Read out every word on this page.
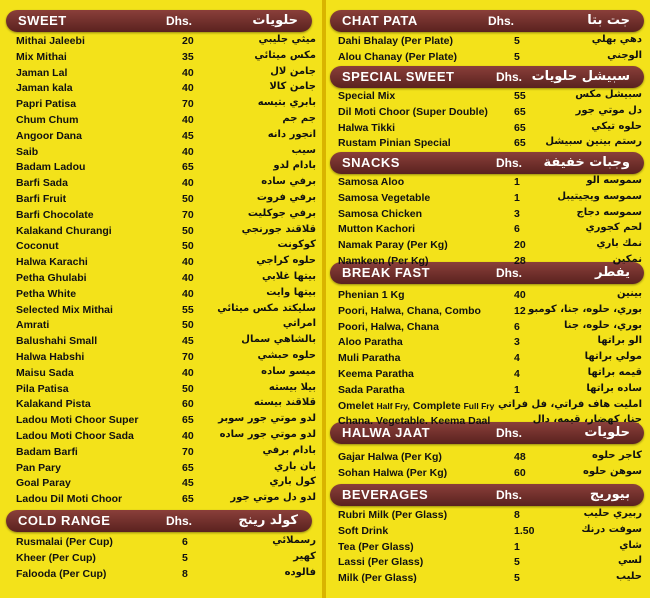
SWEET	Dhs.	حلويات
Mithai Jaleebi	20	ميثي جليبي
Mix Mithai	35	مكس ميثائي
Jaman Lal	40	جامن لال
Jaman kala	40	جامن كالا
Papri Patisa	70	بابري بتيسه
Chum Chum	40	جم جم
Angoor Dana	45	انجور دانه
Saib	40	سيب
Badam Ladou	65	بادام لدو
Barfi Sada	40	برفي ساده
Barfi Fruit	50	برفي فروت
Barfi Chocolate	70	برفي جوكليت
Kalakand Churangi	50	قلاقند جورنجي
Coconut	50	كوكونت
Halwa Karachi	40	حلوه كراجي
Petha Ghulabi	40	بيتها غلابي
Petha White	40	بيتها وايت
Selected Mix Mithai	55 سليكتد مكس ميثائي
Amrati	50	امراتي
Balushahi Small	45	بالشاهي سمال
Halwa Habshi	70	حلوه حبشي
Maisu Sada	40	ميسو ساده
Pila Patisa	50	بيلا بيسته
Kalakand Pista	60	قلاقند بيسته
Ladou Moti Choor Super	65 لدو موتي جور سوبر
Ladou Moti Choor Sada	40	لدو موتي جور ساده
Badam Barfi	70	بادام برفي
Pan Pary	65	بان باري
Goal Paray	45	كول باري
Ladou Dil Moti Choor	65	لدو دل موتي جور
COLD RANGE	Dhs.	كولد رينج
Rusmalai (Per Cup)	6	رسملائي
Kheer (Per Cup)	5	كهير
Falooda (Per Cup)	8	فالوده
CHAT PATA	Dhs.	جت بتا
SPECIAL SWEET	Dhs. سبيشل حلويات
SNACKS	Dhs. وجبات خفيفة
BREAK FAST	Dhs.	يفطر
HALWA JAAT	Dhs.	حلويات
BEVERAGES	Dhs.	بيوريج
Dahi Bhalay (Per Plate)	5	دهي بهلي
Alou Chanay (Per Plate)	5	الوجني
Special Mix	55	سبيشل مكس
Dil Moti Choor (Super Double) 65	دل موتي جور
Halwa Tikki	65	حلوه تيكي
Rustam Pinian Special	65 رستم بينين سبيشل
Samosa Aloo	1	سموسه الو
Samosa Vegetable	1	سموسه ويجيتيبل
Samosa Chicken	3	سموسه دجاج
Mutton Kachori	6	لحم كجوري
Namak Paray (Per Kg)	20	نمك باري
Namkeen (Per Kg)	28	نمكين
Phenian 1 Kg	40	بينين
Poori, Halwa, Chana, Combo	12 بوري، حلوه، جنا، كومبو
Poori, Halwa, Chana	6	بوري، حلوه، جنا
Aloo Paratha	3	الو براتها
Muli Paratha	4	مولي براتها
Keema Paratha	4	قيمه براتها
Sada Paratha	1	ساده براتها
Omelet Half Fry, Complete Full Fry امليت هاف فراتي، فل فراتي
Chana. Vegetable. Keema Daal	جنا، كهضار، قيمه، دال
Gajar Halwa (Per Kg)	48	كاجر حلوه
Sohan Halwa (Per Kg)	60	سوهن حلوه
Rubri Milk (Per Glass)	8	ربيري حليب
Soft Drink	1.50	سوفت درنك
Tea (Per Glass)	1	شاي
Lassi (Per Glass)	5	لسي
Milk (Per Glass)	5	حليب
